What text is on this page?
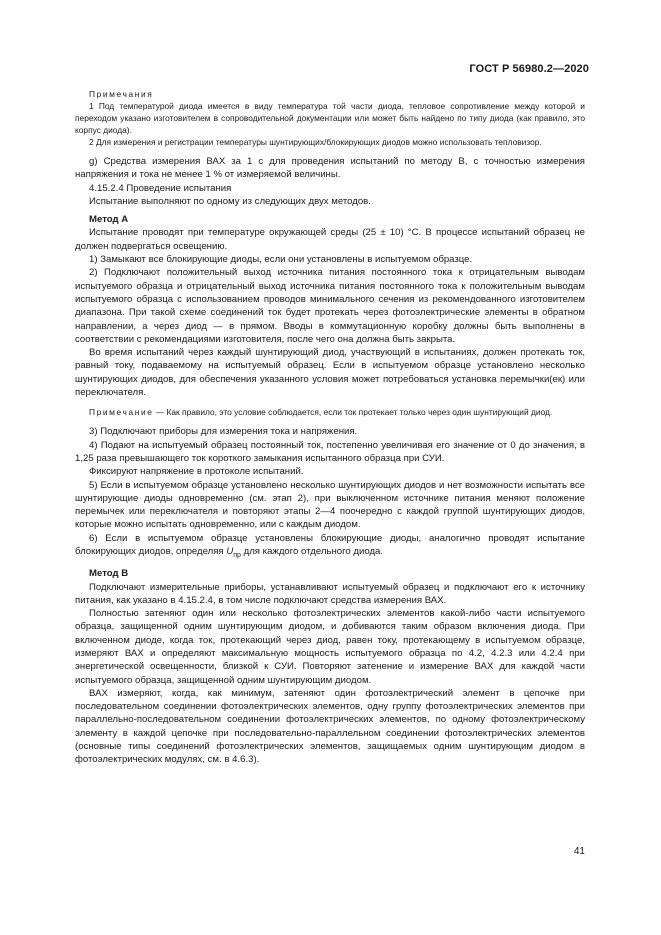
ГОСТ Р 56980.2—2020

Примечания

1 Под температурой диода имеется в виду температура той части диода, тепловое сопротивление между которой и переходом указано изготовителем в сопроводительной документации или может быть найдено по типу диода (как правило, это корпус диода).

2 Для измерения и регистрации температуры шунтирующих/блокирующих диодов можно использовать тепловизор.

g) Средства измерения ВАХ за 1 с для проведения испытаний по методу В, с точностью измерения напряжения и тока не менее 1 % от измеряемой величины.

4.15.2.4 Проведение испытания

Испытание выполняют по одному из следующих двух методов.

Метод А

Испытание проводят при температуре окружающей среды (25 ± 10) °С. В процессе испытаний образец не должен подвергаться освещению.

1) Замыкают все блокирующие диоды, если они установлены в испытуемом образце.

2) Подключают положительный выход источника питания постоянного тока к отрицательным выводам испытуемого образца и отрицательный выход источника питания постоянного тока к положительным выводам испытуемого образца с использованием проводов минимального сечения из рекомендованного изготовителем диапазона. При такой схеме соединений ток будет протекать через фотоэлектрические элементы в обратном направлении, а через диод — в прямом. Вводы в коммутационную коробку должны быть выполнены в соответствии с рекомендациями изготовителя, после чего она должна быть закрыта.

Во время испытаний через каждый шунтирующий диод, участвующий в испытаниях, должен протекать ток, равный току, подаваемому на испытуемый образец. Если в испытуемом образце установлено несколько шунтирующих диодов, для обеспечения указанного условия может потребоваться установка перемычки(ек) или переключателя.

Примечание — Как правило, это условие соблюдается, если ток протекает только через один шунтирующий диод.

3) Подключают приборы для измерения тока и напряжения.

4) Подают на испытуемый образец постоянный ток, постепенно увеличивая его значение от 0 до значения, в 1,25 раза превышающего ток короткого замыкания испытанного образца при СУИ.

Фиксируют напряжение в протоколе испытаний.

5) Если в испытуемом образце установлено несколько шунтирующих диодов и нет возможности испытать все шунтирующие диоды одновременно (см. этап 2), при выключенном источнике питания меняют положение перемычек или переключателя и повторяют этапы 2—4 поочередно с каждой группой шунтирующих диодов, которые можно испытать одновременно, или с каждым диодом.

6) Если в испытуемом образце установлены блокирующие диоды, аналогично проводят испытание блокирующих диодов, определяя $U_{пр}$ для каждого отдельного диода.

Метод В

Подключают измерительные приборы, устанавливают испытуемый образец и подключают его к источнику питания, как указано в 4.15.2.4, в том числе подключают средства измерения ВАХ.

Полностью затеняют один или несколько фотоэлектрических элементов какой-либо части испытуемого образца, защищенной одним шунтирующим диодом, и добиваются таким образом включения диода. При включенном диоде, когда ток, протекающий через диод, равен току, протекающему в испытуемом образце, измеряют ВАХ и определяют максимальную мощность испытуемого образца по 4.2, 4.2.3 или 4.2.4 при энергетической освещенности, близкой к СУИ. Повторяют затенение и измерение ВАХ для каждой части испытуемого образца, защищенной одним шунтирующим диодом.

ВАХ измеряют, когда, как минимум, затеняют один фотоэлектрический элемент в цепочке при последовательном соединении фотоэлектрических элементов, одну группу фотоэлектрических элементов при параллельно-последовательном соединении фотоэлектрических элементов, по одному фотоэлектрическому элементу в каждой цепочке при последовательно-параллельном соединении фотоэлектрических элементов (основные типы соединений фотоэлектрических элементов, защищаемых одним шунтирующим диодом в фотоэлектрических модулях, см. в 4.6.3).

41
